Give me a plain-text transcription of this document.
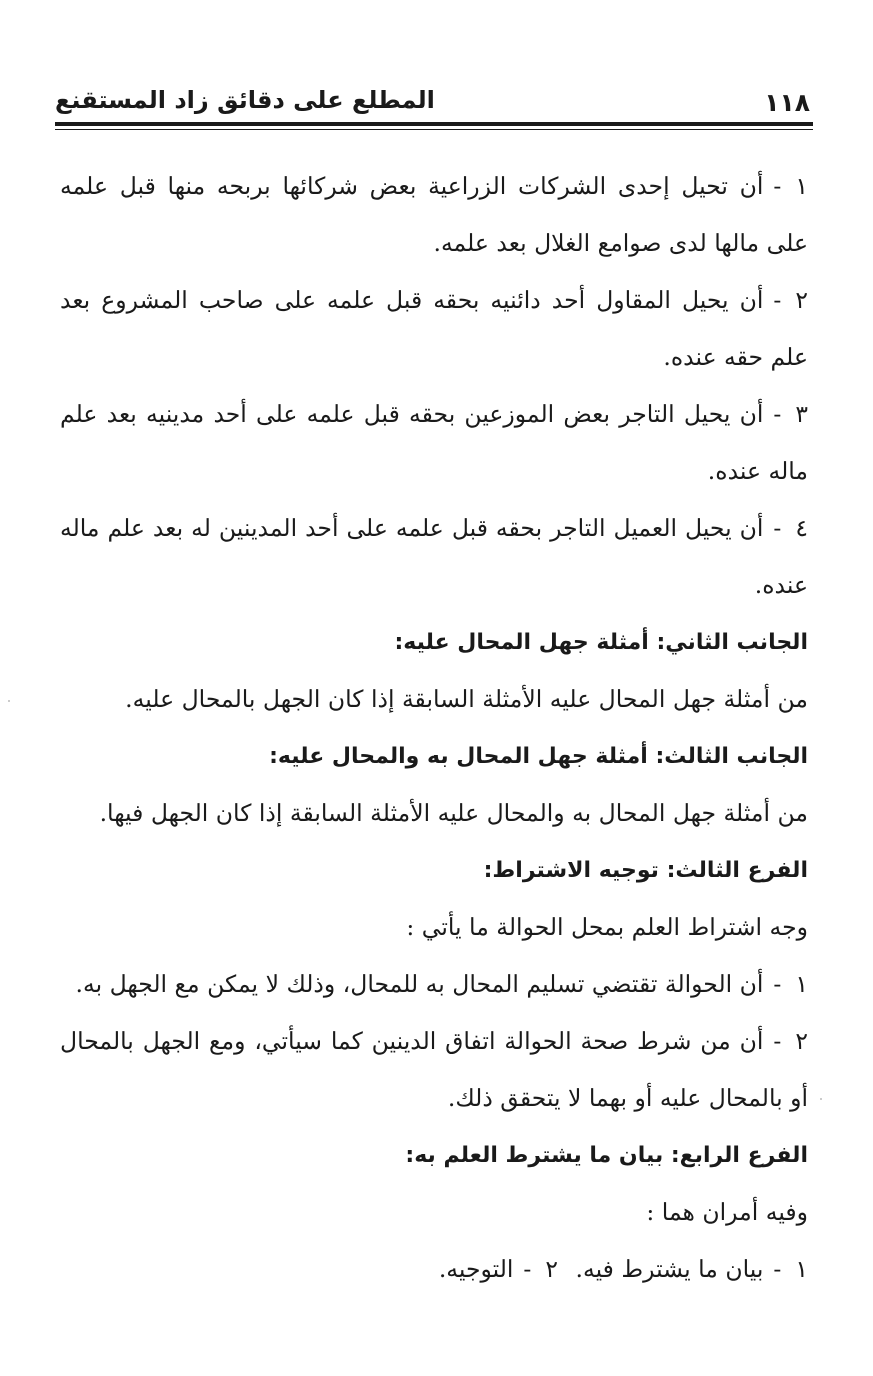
١١٨
المطلع على دقائق زاد المستقنع

١-أن تحيل إحدى الشركات الزراعية بعض شركائها بربحه منها قبل علمه على مالها لدى صوامع الغلال بعد علمه.

٢-أن يحيل المقاول أحد دائنيه بحقه قبل علمه على صاحب المشروع بعد علم حقه عنده.

٣-أن يحيل التاجر بعض الموزعين بحقه قبل علمه على أحد مدينيه بعد علم ماله عنده.

٤-أن يحيل العميل التاجر بحقه قبل علمه على أحد المدينين له بعد علم ماله عنده.

الجانب الثاني: أمثلة جهل المحال عليه:

من أمثلة جهل المحال عليه الأمثلة السابقة إذا كان الجهل بالمحال عليه.

الجانب الثالث: أمثلة جهل المحال به والمحال عليه:

من أمثلة جهل المحال به والمحال عليه الأمثلة السابقة إذا كان الجهل فيها.

الفرع الثالث: توجيه الاشتراط:

وجه اشتراط العلم بمحل الحوالة ما يأتي :

١-أن الحوالة تقتضي تسليم المحال به للمحال، وذلك لا يمكن مع الجهل به.

٢-أن من شرط صحة الحوالة اتفاق الدينين كما سيأتي، ومع الجهل بالمحال أو بالمحال عليه أو بهما لا يتحقق ذلك.

الفرع الرابع: بيان ما يشترط العلم به:

وفيه أمران هما :

١-بيان ما يشترط فيه.
٢-التوجيه.
